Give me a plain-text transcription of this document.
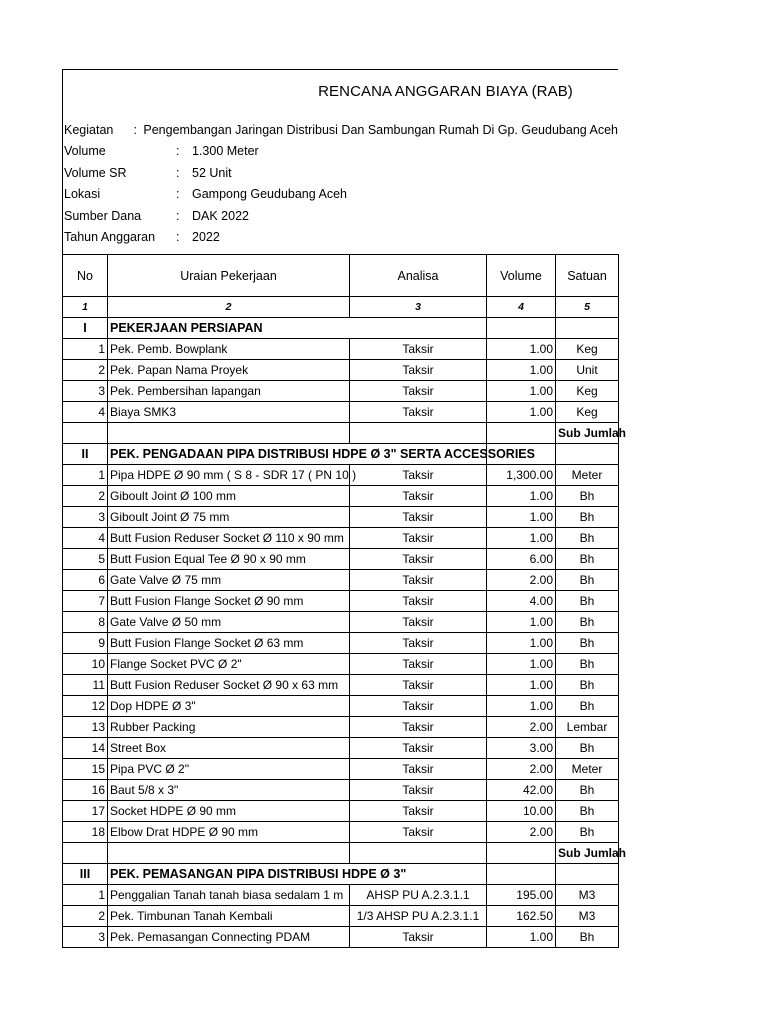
RENCANA ANGGARAN BIAYA (RAB)
Kegiatan	: Pengembangan Jaringan Distribusi Dan Sambungan Rumah Di Gp. Geudubang Aceh
Volume	:	1.300 Meter
Volume SR	:	52 Unit
Lokasi	:	Gampong Geudubang Aceh
Sumber Dana	:	DAK 2022
Tahun Anggaran	:	2022
No	Uraian Pekerjaan	Analisa	Volume	Satuan
1	2	3	4	5
I	PEKERJAAN PERSIAPAN			
1	Pek. Pemb. Bowplank	Taksir	1.00	Keg
2	Pek. Papan Nama Proyek	Taksir	1.00	Unit
3	Pek. Pembersihan lapangan	Taksir	1.00	Keg
4	Biaya SMK3	Taksir	1.00	Keg

				Sub Jumlah

II	PEK. PENGADAAN PIPA DISTRIBUSI HDPE Ø 3" SERTA ACCESSORIES			
1	Pipa HDPE Ø 90 mm ( S 8 - SDR 17 ( PN 10 )	Taksir	1,300.00	Meter
2	Giboult Joint Ø 100 mm	Taksir	1.00	Bh
3	Giboult Joint Ø 75 mm	Taksir	1.00	Bh
4	Butt Fusion Reduser Socket Ø 110 x 90 mm	Taksir	1.00	Bh
5	Butt Fusion Equal Tee Ø 90 x 90 mm	Taksir	6.00	Bh
6	Gate Valve Ø 75 mm	Taksir	2.00	Bh
7	Butt Fusion Flange Socket Ø 90 mm	Taksir	4.00	Bh
8	Gate Valve Ø 50 mm	Taksir	1.00	Bh
9	Butt Fusion Flange Socket Ø 63 mm	Taksir	1.00	Bh
10	Flange Socket PVC Ø 2"	Taksir	1.00	Bh
11	Butt Fusion Reduser Socket Ø 90 x 63 mm	Taksir	1.00	Bh
12	Dop HDPE Ø 3"	Taksir	1.00	Bh
13	Rubber Packing	Taksir	2.00	Lembar
14	Street Box	Taksir	3.00	Bh
15	Pipa PVC Ø 2"	Taksir	2.00	Meter
16	Baut 5/8 x 3"	Taksir	42.00	Bh
17	Socket HDPE Ø 90 mm	Taksir	10.00	Bh
18	Elbow Drat HDPE Ø 90 mm	Taksir	2.00	Bh

				Sub Jumlah

III	PEK. PEMASANGAN PIPA DISTRIBUSI HDPE Ø 3"			
1	Penggalian Tanah tanah biasa sedalam 1 m	AHSP PU A.2.3.1.1	195.00	M3
2	Pek. Timbunan Tanah Kembali	1/3 AHSP PU A.2.3.1.1	162.50	M3
3	Pek. Pemasangan Connecting PDAM	Taksir	1.00	Bh
